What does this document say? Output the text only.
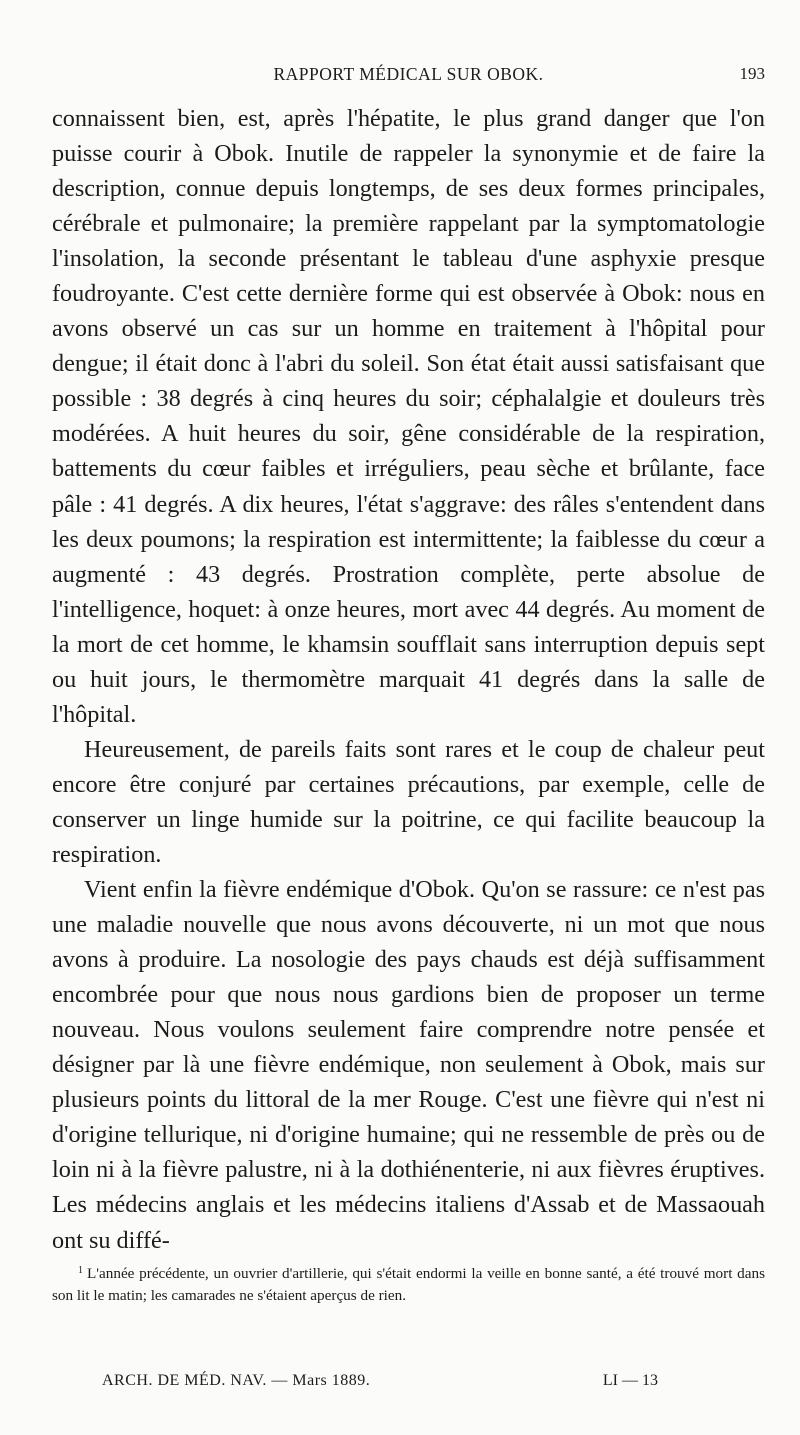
RAPPORT MÉDICAL SUR OBOK.	193

connaissent bien, est, après l'hépatite, le plus grand danger que l'on puisse courir à Obok. Inutile de rappeler la synonymie et de faire la description, connue depuis longtemps, de ses deux formes principales, cérébrale et pulmonaire; la première rappelant par la symptomatologie l'insolation, la seconde présentant le tableau d'une asphyxie presque foudroyante. C'est cette dernière forme qui est observée à Obok: nous en avons observé un cas sur un homme en traitement à l'hôpital pour dengue; il était donc à l'abri du soleil. Son état était aussi satisfaisant que possible : 38 degrés à cinq heures du soir; céphalalgie et douleurs très modérées. A huit heures du soir, gêne considérable de la respiration, battements du cœur faibles et irréguliers, peau sèche et brûlante, face pâle : 41 degrés. A dix heures, l'état s'aggrave: des râles s'entendent dans les deux poumons; la respiration est intermittente; la faiblesse du cœur a augmenté : 43 degrés. Prostration complète, perte absolue de l'intelligence, hoquet: à onze heures, mort avec 44 degrés. Au moment de la mort de cet homme, le khamsin soufflait sans interruption depuis sept ou huit jours, le thermomètre marquait 41 degrés dans la salle de l'hôpital.

Heureusement, de pareils faits sont rares et le coup de chaleur peut encore être conjuré par certaines précautions, par exemple, celle de conserver un linge humide sur la poitrine, ce qui facilite beaucoup la respiration.

Vient enfin la fièvre endémique d'Obok. Qu'on se rassure: ce n'est pas une maladie nouvelle que nous avons découverte, ni un mot que nous avons à produire. La nosologie des pays chauds est déjà suffisamment encombrée pour que nous nous gardions bien de proposer un terme nouveau. Nous voulons seulement faire comprendre notre pensée et désigner par là une fièvre endémique, non seulement à Obok, mais sur plusieurs points du littoral de la mer Rouge. C'est une fièvre qui n'est ni d'origine tellurique, ni d'origine humaine; qui ne ressemble de près ou de loin ni à la fièvre palustre, ni à la dothiénenterie, ni aux fièvres éruptives. Les médecins anglais et les médecins italiens d'Assab et de Massaouah ont su diffé-

$^1$ L'année précédente, un ouvrier d'artillerie, qui s'était endormi la veille en bonne santé, a été trouvé mort dans son lit le matin; les camarades ne s'étaient aperçus de rien.

ARCH. DE MÉD. NAV. — Mars 1889.	LI — 13
